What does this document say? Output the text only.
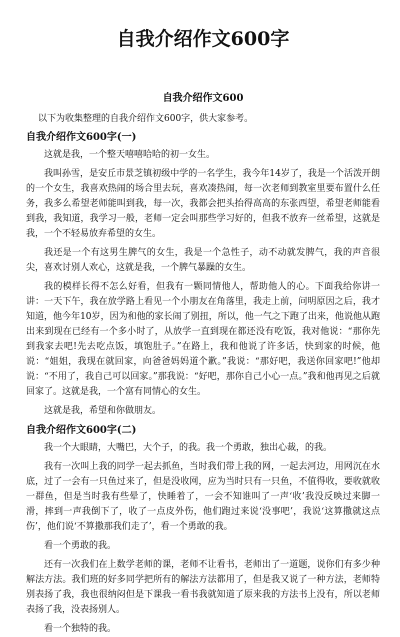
自我介绍作文600字
自我介绍作文600

以下为收集整理的自我介绍作文600字，供大家参考。

自我介绍作文600字(一)

这就是我，一个整天嘻嘻哈哈的初一女生。

我叫孙雪，是安丘市景芝镇初级中学的一名学生，我今年14岁了，我是一个活泼开朗的一个女生，我喜欢热闹的场合里去玩，喜欢凑热闹，每一次老师到教室里要布置什么任务，我多么希望老师能叫到我，每一次，我都会把头抬得高高的东张西望，希望老师能看到我，我知道，我学习一般，老师一定会叫那些学习好的，但我不放弃一丝希望，这就是我，一个不轻易放弃希望的女生。

我还是一个有这男生脾气的女生，我是一个急性子，动不动就发脾气，我的声音很尖，喜欢讨别人欢心，这就是我，一个脾气暴躁的女生。

我的模样长得不怎么好看，但我有一颗同情他人，帮助他人的心。下面我给你讲一讲：一天下午，我在放学路上看见一个小朋友在角落里，我走上前，问明原因之后，我才知道，他今年10岁，因为和他的家长闹了别扭，所以，他一气之下跑了出来，他说他从跑出来到现在已经有一个多小时了，从放学一直到现在都还没有吃饭，我对他说：“那你先到我家去吧!先去吃点饭，填饱肚子。”在路上，我和他说了许多话，快到家的时候，他说：“姐姐，我现在就回家，向爸爸妈妈道个歉。”我说：“那好吧，我送你回家吧!”他却说：“不用了，我自己可以回家。”那我说：“好吧，那你自己小心一点。”我和他再见之后就回家了。这就是我，一个富有同情心的女生。

这就是我，希望和你做朋友。

自我介绍作文600字(二)

我一个大眼睛，大嘴巴，大个子，的我。我一个勇敢，独出心裁，的我。

我有一次叫上我的同学一起去抓鱼，当时我们带上我的网，一起去河边，用网沉在水底，过了一会有一只鱼过来了，但是没收网，应为当时只有一只鱼，不值得收，要收就收一群鱼，但是当时我有些晕了，快睡着了，一会不知谁叫了一声‘收’我没反映过来脚一滑，摔到一声我倒下了，收了一点皮外伤，他们跑过来说‘没事吧’，我说‘这算撒就这点伤’，他们说‘不算撒那我们走了’，看一个勇敢的我。

看一个勇敢的我。

还有一次我们在上数学老师的课，老师不让看书，老师出了一道题，说你们有多少种解法方法。我们班的好多同学把所有的解法方法都用了，但是我又说了一种方法，老师特别表扬了我，我也很纳闷但是下课我一看书我就知道了原来我的方法书上没有，所以老师表扬了我，没表扬别人。

看一个独特的我。
